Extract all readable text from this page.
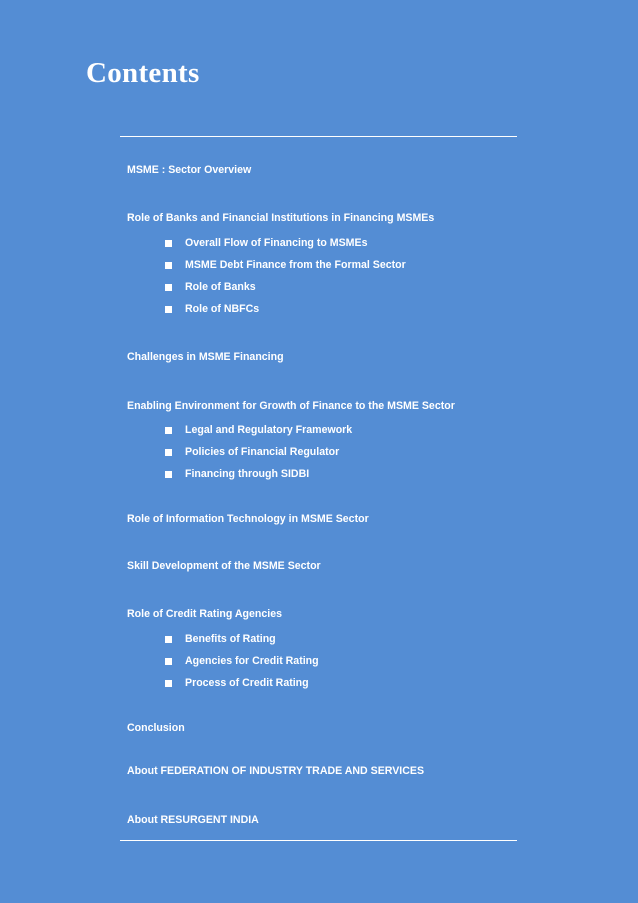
Contents
MSME : Sector Overview
Role of Banks and Financial Institutions in Financing MSMEs
Overall Flow of Financing to MSMEs
MSME Debt Finance from the Formal Sector
Role of Banks
Role of NBFCs
Challenges in MSME Financing
Enabling Environment for Growth of Finance to the MSME Sector
Legal and Regulatory Framework
Policies of Financial Regulator
Financing through SIDBI
Role of Information Technology in MSME Sector
Skill Development of the MSME Sector
Role of Credit Rating Agencies
Benefits of Rating
Agencies for Credit Rating
Process of Credit Rating
Conclusion
About FEDERATION OF INDUSTRY TRADE AND SERVICES
About RESURGENT INDIA
